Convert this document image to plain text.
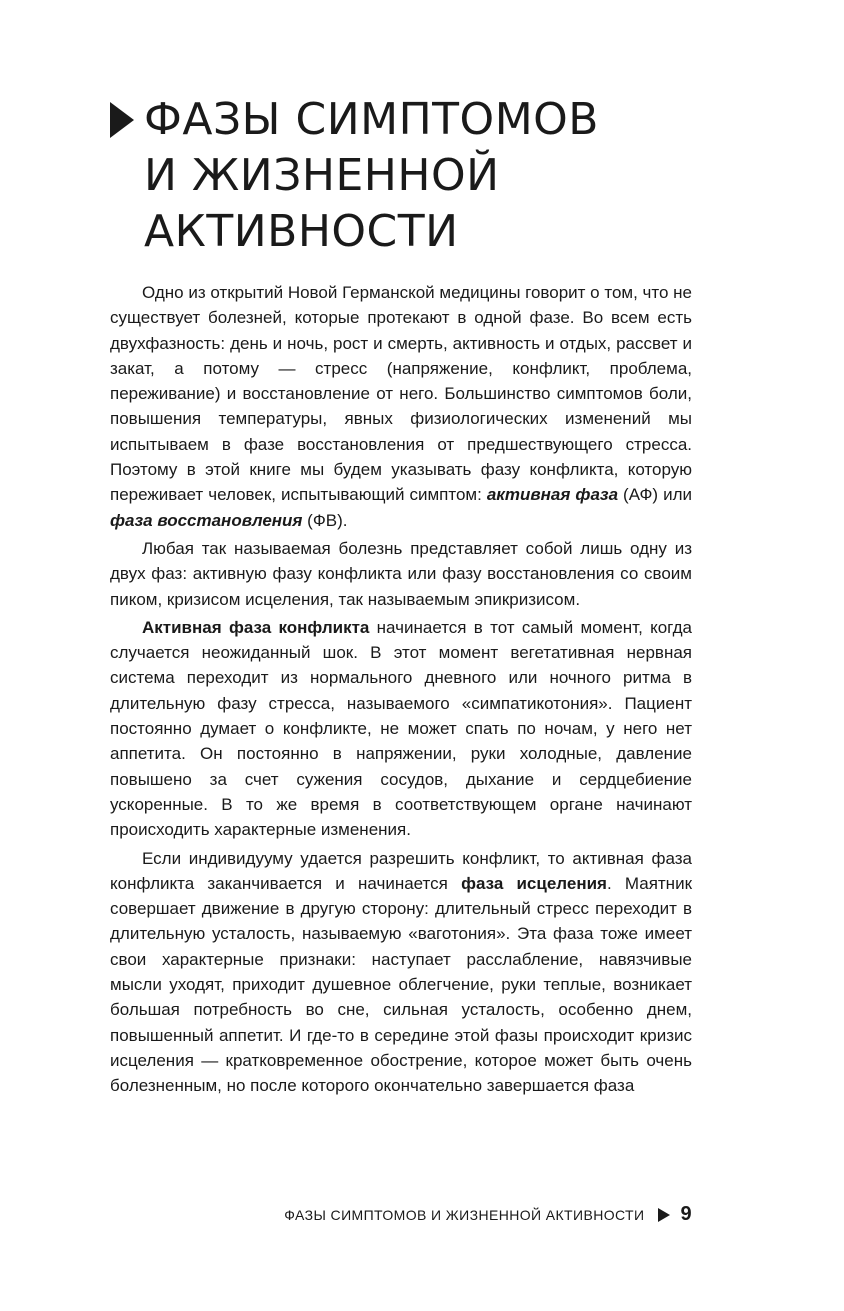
ФАЗЫ СИМПТОМОВ
И ЖИЗНЕННОЙ
АКТИВНОСТИ

Одно из открытий Новой Германской медицины говорит о том, что не существует болезней, которые протекают в одной фазе. Во всем есть двухфазность: день и ночь, рост и смерть, активность и отдых, рассвет и закат, а потому — стресс (напряжение, конфликт, проблема, переживание) и восстановление от него. Большинство симптомов боли, повышения температуры, явных физиологических изменений мы испытываем в фазе восстановления от предшествующего стресса. Поэтому в этой книге мы будем указывать фазу конфликта, которую переживает человек, испытывающий симптом: активная фаза (АФ) или фаза восстановления (ФВ).

Любая так называемая болезнь представляет собой лишь одну из двух фаз: активную фазу конфликта или фазу восстановления со своим пиком, кризисом исцеления, так называемым эпикризисом.

Активная фаза конфликта начинается в тот самый момент, когда случается неожиданный шок. В этот момент вегетативная нервная система переходит из нормального дневного или ночного ритма в длительную фазу стресса, называемого «симпатикотония». Пациент постоянно думает о конфликте, не может спать по ночам, у него нет аппетита. Он постоянно в напряжении, руки холодные, давление повышено за счет сужения сосудов, дыхание и сердцебиение ускоренные. В то же время в соответствующем органе начинают происходить характерные изменения.

Если индивидууму удается разрешить конфликт, то активная фаза конфликта заканчивается и начинается фаза исцеления. Маятник совершает движение в другую сторону: длительный стресс переходит в длительную усталость, называемую «ваготония». Эта фаза тоже имеет свои характерные признаки: наступает расслабление, навязчивые мысли уходят, приходит душевное облегчение, руки теплые, возникает большая потребность во сне, сильная усталость, особенно днем, повышенный аппетит. И где-то в середине этой фазы происходит кризис исцеления — кратковременное обострение, которое может быть очень болезненным, но после которого окончательно завершается фаза

ФАЗЫ СИМПТОМОВ И ЖИЗНЕННОЙ АКТИВНОСТИ 9
